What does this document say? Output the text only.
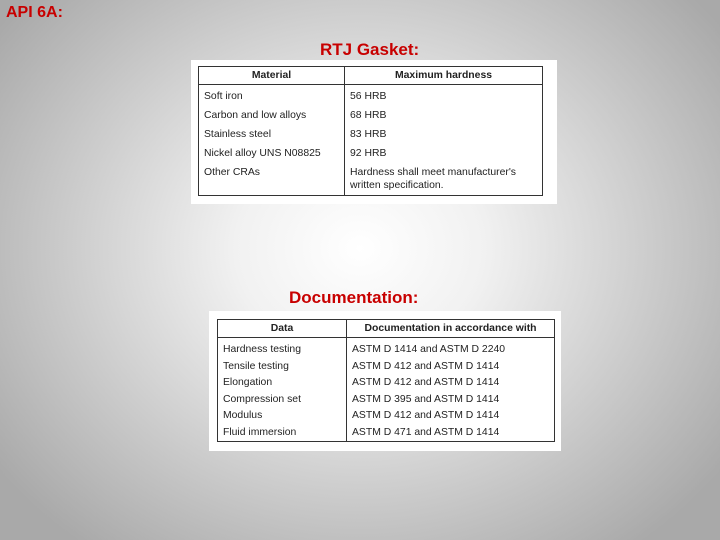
API 6A:
RTJ Gasket:
Material	Maximum hardness
Soft iron	56 HRB
Carbon and low alloys	68 HRB
Stainless steel	83 HRB
Nickel alloy UNS N08825	92 HRB
Other CRAs	Hardness shall meet manufacturer's written specification.
Documentation:
Data	Documentation in accordance with
Hardness testing	ASTM D 1414 and ASTM D 2240
Tensile testing	ASTM D 412 and ASTM D 1414
Elongation	ASTM D 412 and ASTM D 1414
Compression set	ASTM D 395 and ASTM D 1414
Modulus	ASTM D 412 and ASTM D 1414
Fluid immersion	ASTM D 471 and ASTM D 1414
